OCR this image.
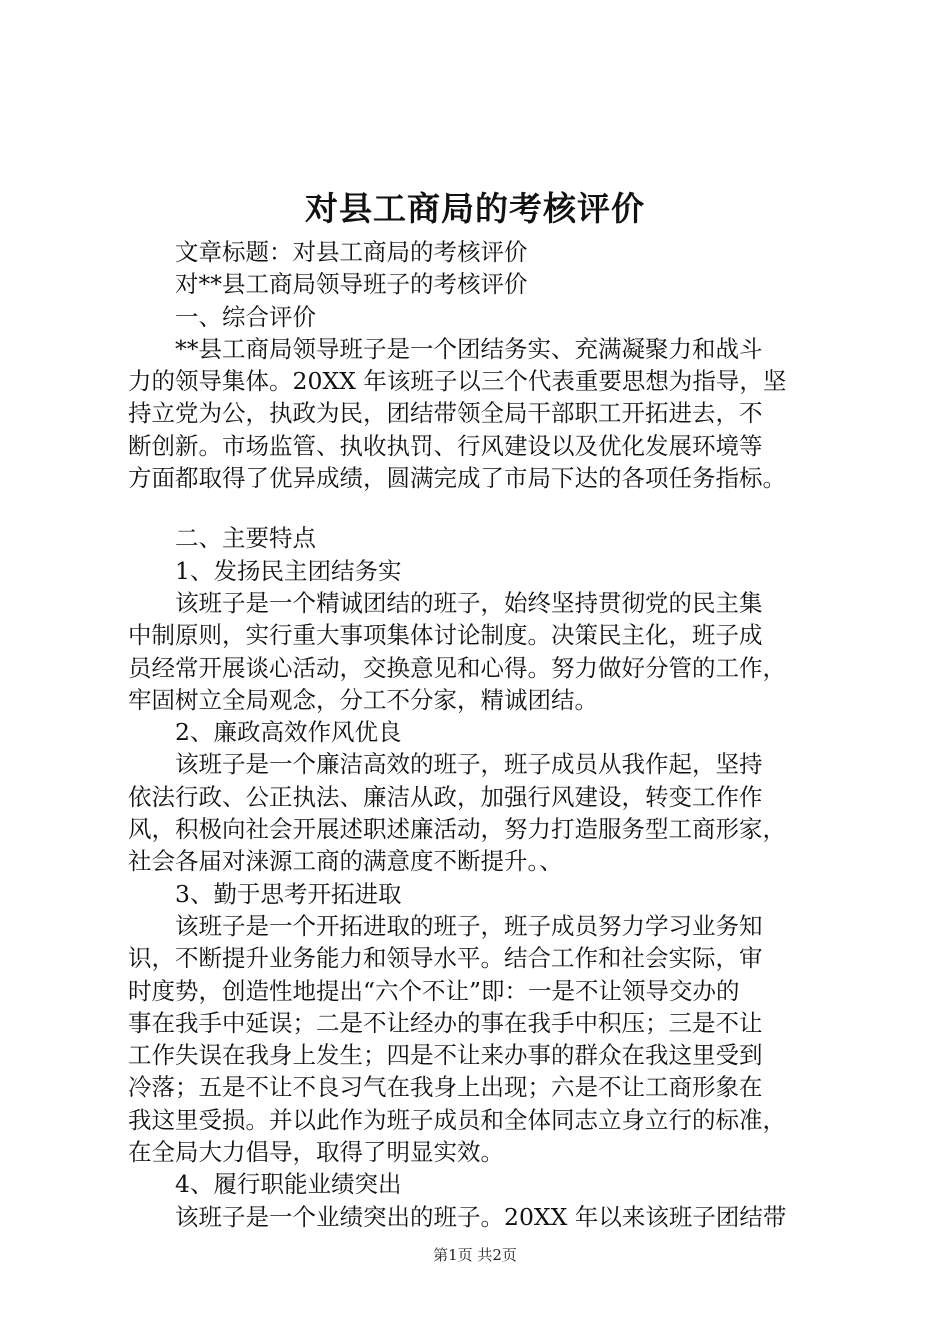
对县工商局的考核评价
文章标题：对县工商局的考核评价
对**县工商局领导班子的考核评价
一、综合评价
**县工商局领导班子是一个团结务实、充满凝聚力和战斗
力的领导集体。20XX 年该班子以三个代表重要思想为指导，坚
持立党为公，执政为民，团结带领全局干部职工开拓进去，不
断创新。市场监管、执收执罚、行风建设以及优化发展环境等
方面都取得了优异成绩，圆满完成了市局下达的各项任务指标。
二、主要特点
1、发扬民主团结务实
该班子是一个精诚团结的班子，始终坚持贯彻党的民主集
中制原则，实行重大事项集体讨论制度。决策民主化，班子成
员经常开展谈心活动，交换意见和心得。努力做好分管的工作，
牢固树立全局观念，分工不分家，精诚团结。
2、廉政高效作风优良
该班子是一个廉洁高效的班子，班子成员从我作起，坚持
依法行政、公正执法、廉洁从政，加强行风建设，转变工作作
风，积极向社会开展述职述廉活动，努力打造服务型工商形家，
社会各届对涞源工商的满意度不断提升。、
3、勤于思考开拓进取
该班子是一个开拓进取的班子，班子成员努力学习业务知
识，不断提升业务能力和领导水平。结合工作和社会实际，审
时度势，创造性地提出“六个不让”即：一是不让领导交办的
事在我手中延误；二是不让经办的事在我手中积压；三是不让
工作失误在我身上发生；四是不让来办事的群众在我这里受到
冷落；五是不让不良习气在我身上出现；六是不让工商形象在
我这里受损。并以此作为班子成员和全体同志立身立行的标准，
在全局大力倡导，取得了明显实效。
4、履行职能业绩突出
该班子是一个业绩突出的班子。20XX 年以来该班子团结带
第1页 共2页
